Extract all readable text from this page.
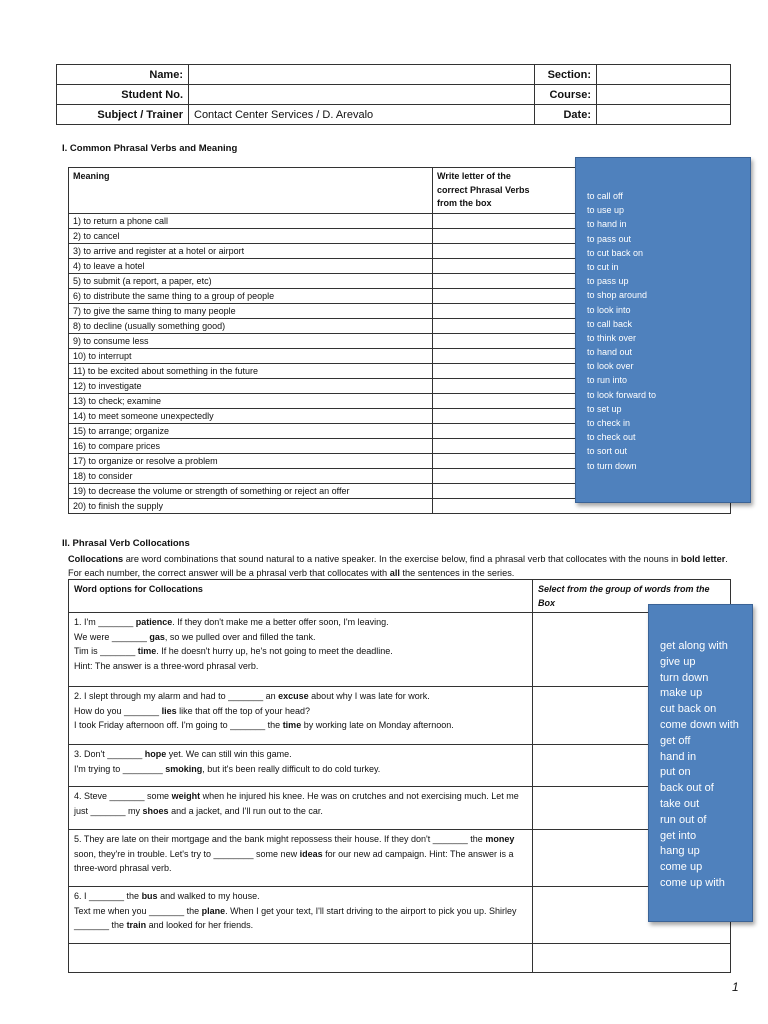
Name:		Section:	
Student No.		Course:	
Subject / Trainer	Contact Center Services / D. Arevalo	Date:	
I. Common Phrasal Verbs and Meaning
Meaning	Write letter of the
correct Phrasal Verbs
from the box

1) to return a phone call	
2) to cancel	
3) to arrive and register at a hotel or airport	
4) to leave a hotel	
5) to submit (a report, a paper, etc)	
6) to distribute the same thing to a group of people	
7) to give the same thing to many people	
8) to decline (usually something good)	
9) to consume less	
10) to interrupt	
11) to be excited about something in the future	
12) to investigate	
13) to check; examine	
14) to meet someone unexpectedly	
15) to arrange; organize	
16) to compare prices	
17) to organize or resolve a problem	
18) to consider	
19) to decrease the volume or strength of something or reject an offer	
20) to finish the supply	
to call off
to use up
to hand in
to pass out
to cut back on
to cut in
to pass up
to shop around
to look into
to call back
to think over
to hand out
to look over
to run into
to look forward to
to set up
to check in
to check out
to sort out
to turn down
II. Phrasal Verb Collocations
Collocations are word combinations that sound natural to a native speaker. In the exercise below, find a phrasal verb that collocates with the nouns in bold letter. For each number, the correct answer will be a phrasal verb that collocates with all the sentences in the series.
Word options for Collocations	Select from the group of words from the Box

1. I'm _______ patience. If they don't make me a better offer soon, I'm leaving.
We were _______ gas, so we pulled over and filled the tank.
Tim is _______ time. If he doesn't hurry up, he's not going to meet the deadline.
Hint: The answer is a three-word phrasal verb.	

2. I slept through my alarm and had to _______ an excuse about why I was late for work.
How do you _______ lies like that off the top of your head?
I took Friday afternoon off. I'm going to _______ the time by working late on Monday afternoon.	

3. Don't _______ hope yet. We can still win this game.
I'm trying to ________ smoking, but it's been really difficult to do cold turkey.	

4. Steve _______ some weight when he injured his knee. He was on crutches and not exercising much. Let me just _______ my shoes and a jacket, and I'll run out to the car.	
5. They are late on their mortgage and the bank might repossess their house. If they don't _______ the money soon, they're in trouble. Let's try to ________ some new ideas for our new ad campaign. Hint: The answer is a three-word phrasal verb.	

6. I _______ the bus and walked to my house.
Text me when you _______ the plane. When I get your text, I'll start driving to the airport to pick you up. Shirley _______ the train and looked for her friends.	

get along with
give up
turn down
make up
cut back on
come down with
get off
hand in
put on
back out of
take out
run out of
get into
hang up
come up
come up with
1
